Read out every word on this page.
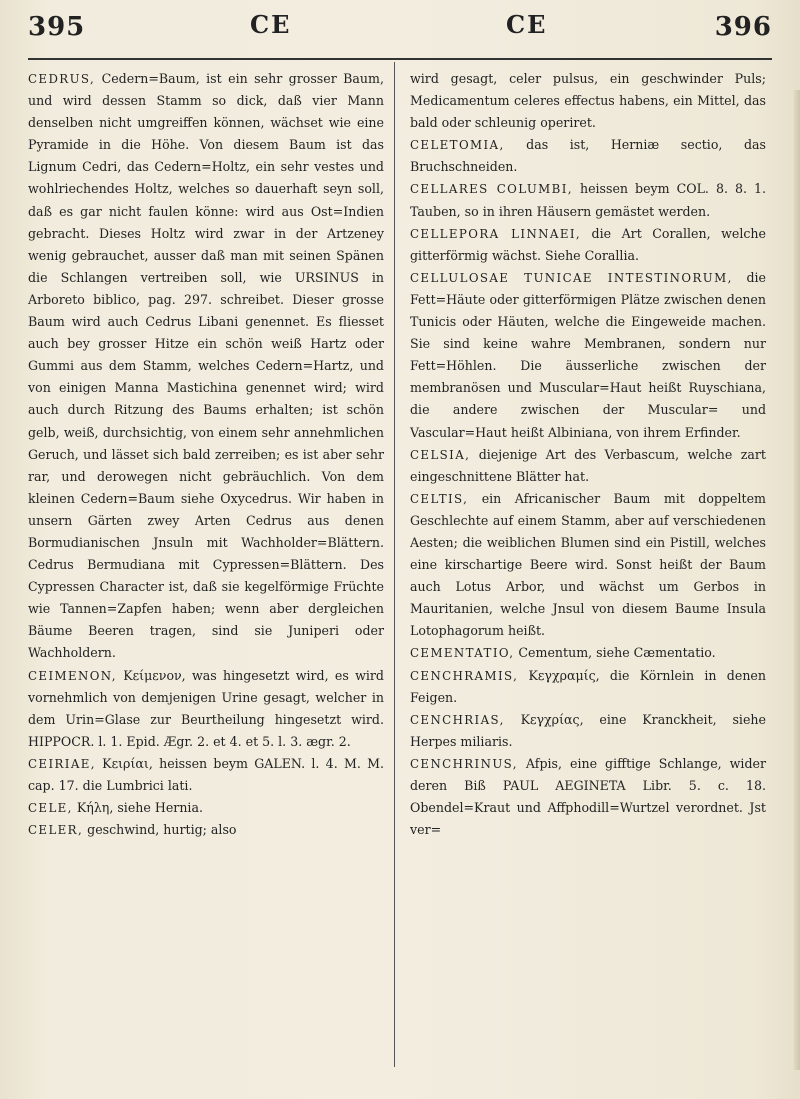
395	CE	CE	396

CEDRUS, Cedern=Baum, ist ein sehr grosser Baum, und wird dessen Stamm so dick, daß vier Mann denselben nicht umgreiffen können, wächset wie eine Pyramide in die Höhe. Von diesem Baum ist das Lignum Cedri, das Cedern=Holtz, ein sehr vestes und wohlriechendes Holtz, welches so dauerhaft seyn soll, daß es gar nicht faulen könne: wird aus Ost=Indien gebracht. Dieses Holtz wird zwar in der Artzeney wenig gebrauchet, ausser daß man mit seinen Spänen die Schlangen vertreiben soll, wie URSINUS in Arboreto biblico, pag. 297. schreibet. Dieser grosse Baum wird auch Cedrus Libani genennet. Es fliesset auch bey grosser Hitze ein schön weiß Hartz oder Gummi aus dem Stamm, welches Cedern=Hartz, und von einigen Manna Mastichina genennet wird; wird auch durch Ritzung des Baums erhalten; ist schön gelb, weiß, durchsichtig, von einem sehr annehmlichen Geruch, und lässet sich bald zerreiben; es ist aber sehr rar, und derowegen nicht gebräuchlich. Von dem kleinen Cedern=Baum siehe Oxycedrus. Wir haben in unsern Gärten zwey Arten Cedrus aus denen Bormudianischen Jnsuln mit Wachholder=Blättern. Cedrus Bermudiana mit Cypressen=Blättern. Des Cypressen Character ist, daß sie kegelförmige Früchte wie Tannen=Zapfen haben; wenn aber dergleichen Bäume Beeren tragen, sind sie Juniperi oder Wachholdern.

CEIMENON, Κείμενον, was hingesetzt wird, es wird vornehmlich von demjenigen Urine gesagt, welcher in dem Urin=Glase zur Beurtheilung hingesetzt wird. HIPPOCR. l. 1. Epid. Ægr. 2. et 4. et 5. l. 3. ægr. 2.

CEIRIAE, Κειρίαι, heissen beym GALEN. l. 4. M. M. cap. 17. die Lumbrici lati.

CELE, Κήλη, siehe Hernia.

CELER, geschwind, hurtig; also

wird gesagt, celer pulsus, ein geschwinder Puls; Medicamentum celeres effectus habens, ein Mittel, das bald oder schleunig operiret.

CELETOMIA, das ist, Herniæ sectio, das Bruchschneiden.

CELLARES COLUMBI, heissen beym COL. 8. 8. 1. Tauben, so in ihren Häusern gemästet werden.

CELLEPORA LINNAEI, die Art Corallen, welche gitterförmig wächst. Siehe Corallia.

CELLULOSAE TUNICAE INTESTINORUM, die Fett=Häute oder gitterförmigen Plätze zwischen denen Tunicis oder Häuten, welche die Eingeweide machen. Sie sind keine wahre Membranen, sondern nur Fett=Höhlen. Die äusserliche zwischen der membranösen und Muscular=Haut heißt Ruyschiana, die andere zwischen der Muscular= und Vascular=Haut heißt Albiniana, von ihrem Erfinder.

CELSIA, diejenige Art des Verbascum, welche zart eingeschnittene Blätter hat.

CELTIS, ein Africanischer Baum mit doppeltem Geschlechte auf einem Stamm, aber auf verschiedenen Aesten; die weiblichen Blumen sind ein Pistill, welches eine kirschartige Beere wird. Sonst heißt der Baum auch Lotus Arbor, und wächst um Gerbos in Mauritanien, welche Jnsul von diesem Baume Insula Lotophagorum heißt.

CEMENTATIO, Cementum, siehe Cæmentatio.

CENCHRAMIS, Κεγχραμίς, die Körnlein in denen Feigen.

CENCHRIAS, Κεγχρίας, eine Kranckheit, siehe Herpes miliaris.

CENCHRINUS, Afpis, eine gifftige Schlange, wider deren Biß PAUL AEGINETA Libr. 5. c. 18. Obendel=Kraut und Affphodill=Wurtzel verordnet. Jst ver=
